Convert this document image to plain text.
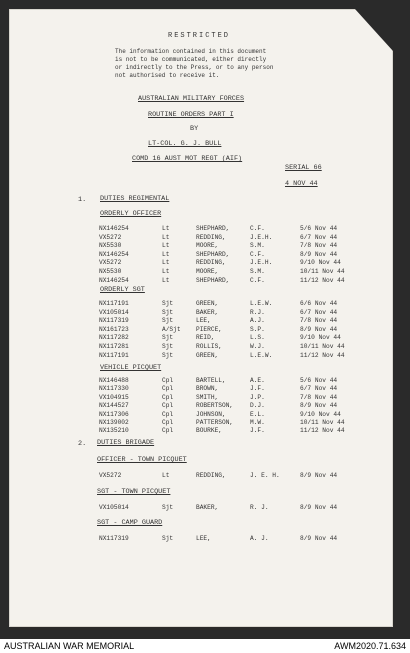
RESTRICTED
The information contained in this document
is not to be communicated, either directly
or indirectly to the Press, or to any person
not authorised to receive it.
AUSTRALIAN MILITARY FORCES
ROUTINE ORDERS PART I
BY
LT-COL. G. J. BULL
COMD 16 AUST MOT REGT (AIF)
SERIAL 66
4 NOV 44
1. DUTIES REGIMENTAL
ORDERLY OFFICER
NX146254	Lt	SHEPHARD,	C.F.	5/6 Nov 44
VX5272	Lt	REDDING,	J.E.H.	6/7 Nov 44
NX5530	Lt	MOORE,	S.M.	7/8 Nov 44
NX146254	Lt	SHEPHARD,	C.F.	8/9 Nov 44
VX5272	Lt	REDDING,	J.E.H.	9/10 Nov 44
NX5530	Lt	MOORE,	S.M.	10/11 Nov 44
NX146254	Lt	SHEPHARD,	C.F.	11/12 Nov 44
ORDERLY SGT
NX117191	Sjt	GREEN,	L.E.W.	6/6 Nov 44
VX105014	Sjt	BAKER,	R.J.	6/7 Nov 44
NX117319	Sjt	LEE,	A.J.	7/8 Nov 44
NX161723	A/Sjt PIERCE,	S.P.	8/9 Nov 44
NX117282	Sjt	REID,	L.S.	9/10 Nov 44
NX117281	Sjt	ROLLIS,	W.J.	10/11 Nov 44
NX117191	Sjt	GREEN,	L.E.W.	11/12 Nov 44
VEHICLE PICQUET
NX146488	Cpl	BARTELL,	A.E.	5/6 Nov 44
NX117330	Cpl	BROWN,	J.F.	6/7 Nov 44
VX104915	Cpl	SMITH,	J.P.	7/8 Nov 44
NX144527	Cpl	ROBERTSON,	D.J.	8/9 Nov 44
NX117306	Cpl	JOHNSON,	E.L.	9/10 Nov 44
NX139002	Cpl	PATTERSON,	M.W.	10/11 Nov 44
NX135210	Cpl	BOURKE,	J.F.	11/12 Nov 44
2. DUTIES BRIGADE
OFFICER - TOWN PICQUET
VX5272	Lt	REDDING,	J. E. H.	8/9 Nov 44
SGT - TOWN PICQUET
VX105014	Sjt	BAKER,	R. J.	8/9 Nov 44
SGT - CAMP GUARD
NX117319	Sjt	LEE,	A. J.	8/9 Nov 44
AUSTRALIAN WAR MEMORIAL	AWM2020.71.634
